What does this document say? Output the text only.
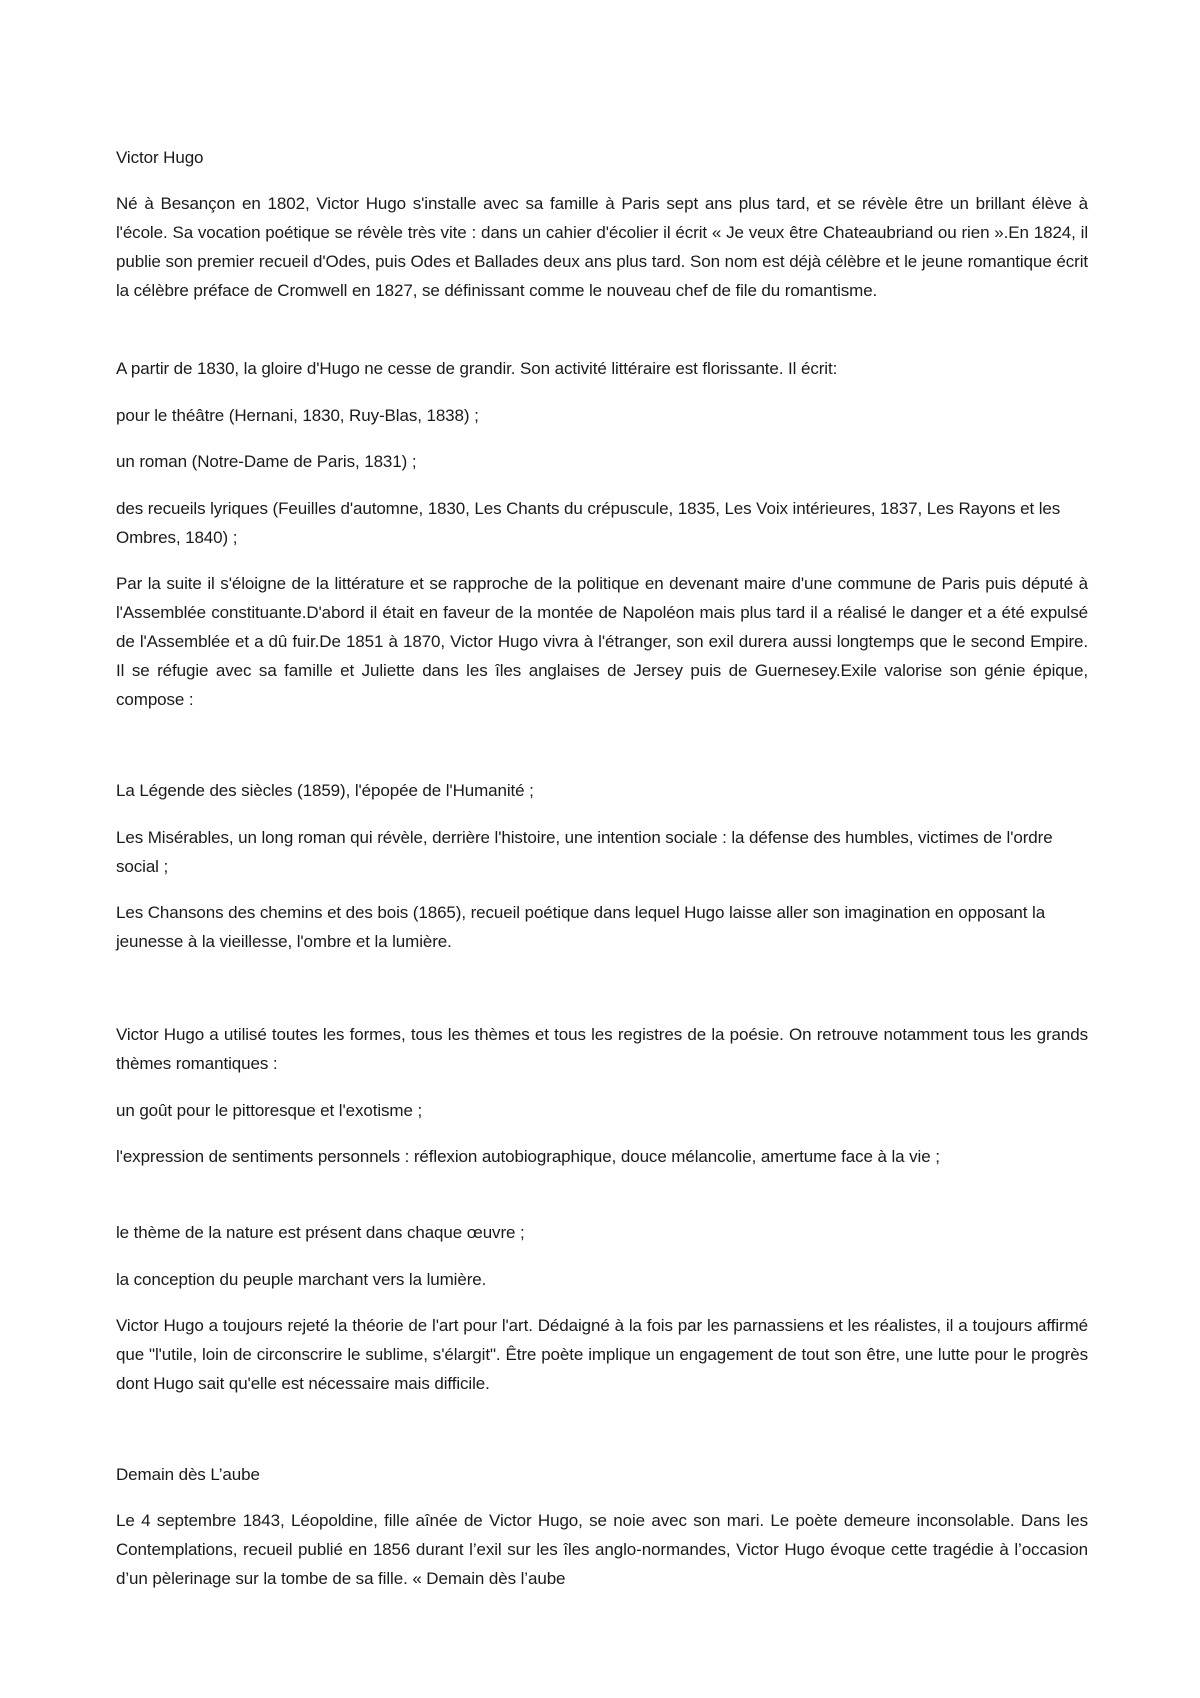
Victor Hugo

Né à Besançon en 1802, Victor Hugo s'installe avec sa famille à Paris sept ans plus tard, et se révèle être un brillant élève à l'école. Sa vocation poétique se révèle très vite : dans un cahier d'écolier il écrit « Je veux être Chateaubriand ou rien ».En 1824, il publie son premier recueil d'Odes, puis Odes et Ballades deux ans plus tard. Son nom est déjà célèbre et le jeune romantique écrit la célèbre préface de Cromwell en 1827, se définissant comme le nouveau chef de file du romantisme.

A partir de 1830, la gloire d'Hugo ne cesse de grandir. Son activité littéraire est florissante. Il écrit:

pour le théâtre (Hernani, 1830, Ruy-Blas, 1838) ;

un roman (Notre-Dame de Paris, 1831) ;

des recueils lyriques (Feuilles d'automne, 1830, Les Chants du crépuscule, 1835, Les Voix intérieures, 1837, Les Rayons et les Ombres, 1840) ;

Par la suite il s'éloigne de la littérature et se rapproche de la politique en devenant maire d'une commune de Paris puis député à l'Assemblée constituante.D'abord il était en faveur de la montée de Napoléon mais plus tard il a réalisé le danger et a été expulsé de l'Assemblée et a dû fuir.De 1851 à 1870, Victor Hugo vivra à l'étranger, son exil durera aussi longtemps que le second Empire. Il se réfugie avec sa famille et Juliette dans les îles anglaises de Jersey puis de Guernesey.Exile valorise son génie épique, compose :

La Légende des siècles (1859), l'épopée de l'Humanité ;

Les Misérables, un long roman qui révèle, derrière l'histoire, une intention sociale : la défense des humbles, victimes de l'ordre social ;

Les Chansons des chemins et des bois (1865), recueil poétique dans lequel Hugo laisse aller son imagination en opposant la jeunesse à la vieillesse, l'ombre et la lumière.

Victor Hugo a utilisé toutes les formes, tous les thèmes et tous les registres de la poésie. On retrouve notamment tous les grands thèmes romantiques :

un goût pour le pittoresque et l'exotisme ;

l'expression de sentiments personnels : réflexion autobiographique, douce mélancolie, amertume face à la vie ;

le thème de la nature est présent dans chaque œuvre ;

la conception du peuple marchant vers la lumière.

Victor Hugo a toujours rejeté la théorie de l'art pour l'art. Dédaigné à la fois par les parnassiens et les réalistes, il a toujours affirmé que "l'utile, loin de circonscrire le sublime, s'élargit". Être poète implique un engagement de tout son être, une lutte pour le progrès dont Hugo sait qu'elle est nécessaire mais difficile.

Demain dès L’aube

Le 4 septembre 1843, Léopoldine, fille aînée de Victor Hugo, se noie avec son mari. Le poète demeure inconsolable. Dans les Contemplations, recueil publié en 1856 durant l’exil sur les îles anglo-normandes, Victor Hugo évoque cette tragédie à l’occasion d’un pèlerinage sur la tombe de sa fille. « Demain dès l’aube
